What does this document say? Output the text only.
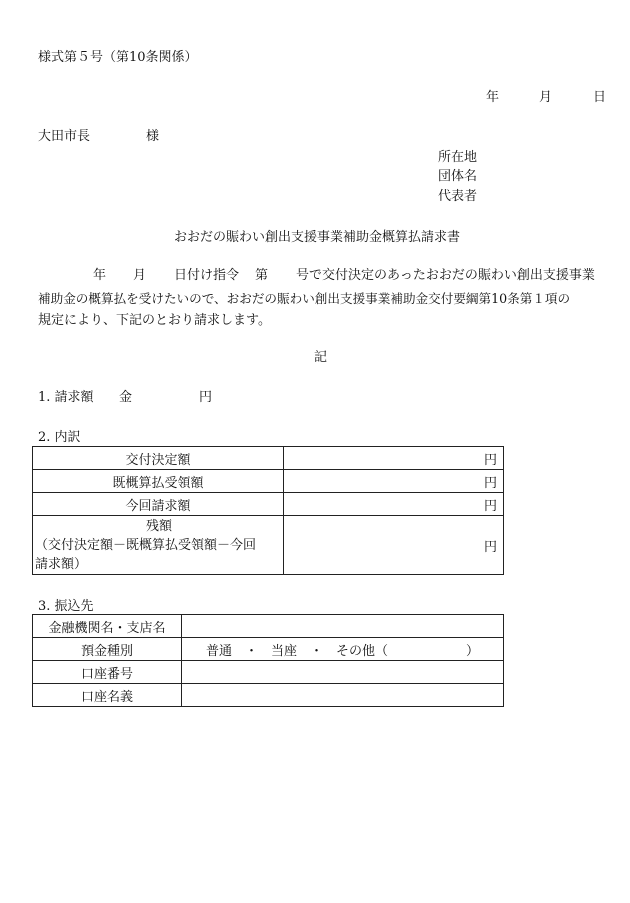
様式第５号（第10条関係）
年	月	日
大田市長	様
所在地
団体名
代表者
おおだの賑わい創出支援事業補助金概算払請求書
年 月 日付け指令 第 号で交付決定のあったおおだの賑わい創出支援事業
補助金の概算払を受けたいので、おおだの賑わい創出支援事業補助金交付要綱第10条第１項の
規定により、下記のとおり請求します。
記
1. 請求額 金	円
2. 内訳
交付決定額	円
既概算払受領額	円
今回請求額	円

残額
（交付決定額－既概算払受領額－今回
請求額）	円
3. 振込先
金融機関名・支店名	
預金種別	普通　・　当座　・　その他（　　　　　　）
口座番号	
口座名義	
